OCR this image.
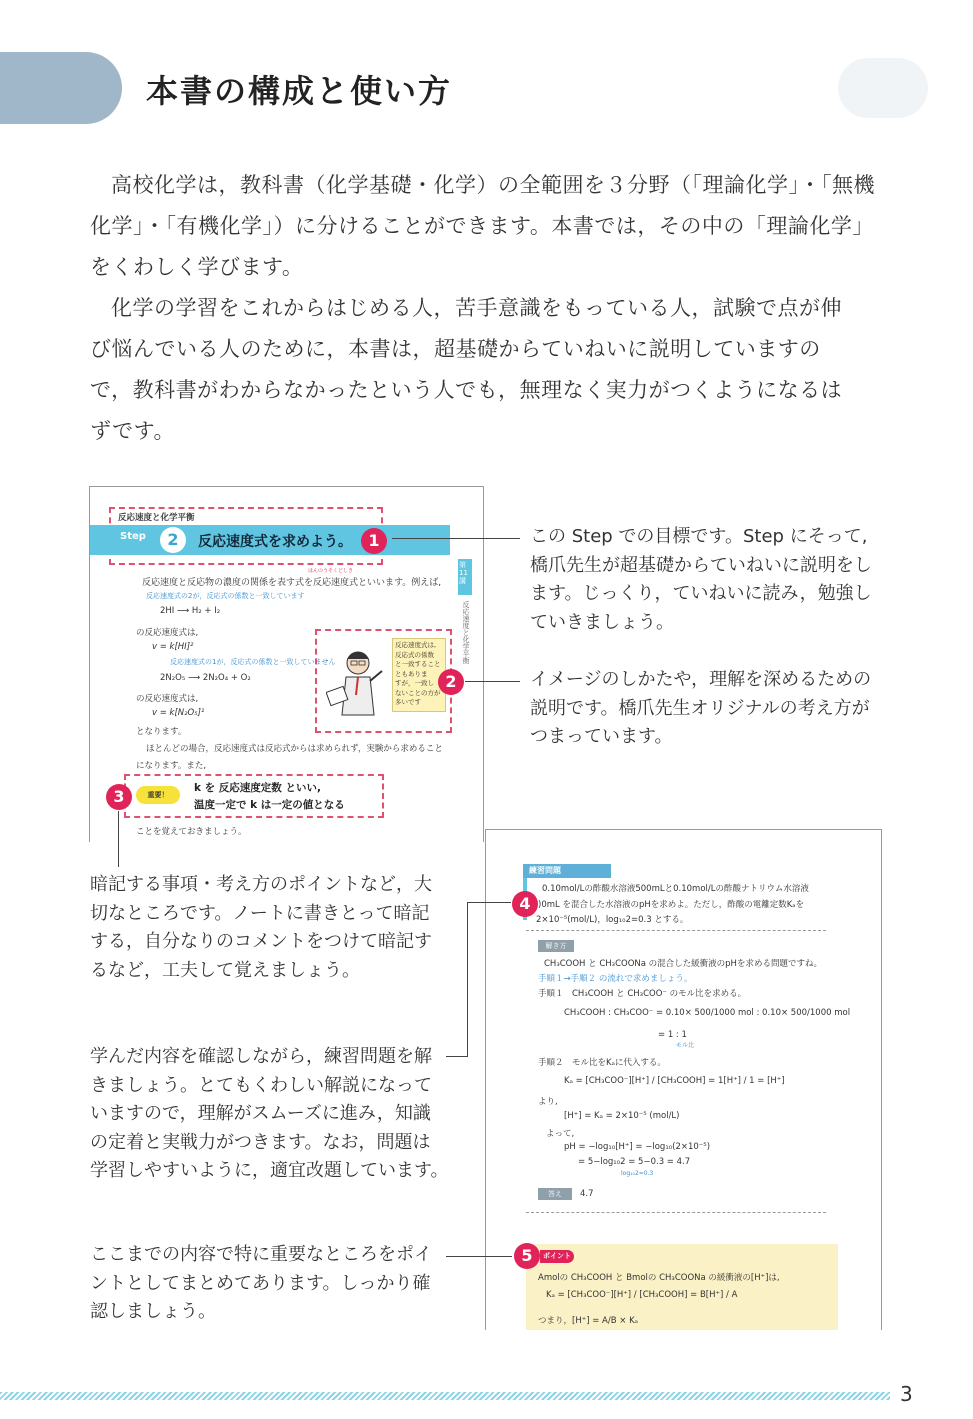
本書の構成と使い方

高校化学は，教科書（化学基礎・化学）の全範囲を３分野（「理論化学」・「無機

化学」・「有機化学」）に分けることができます。本書では，その中の「理論化学」

をくわしく学びます。

化学の学習をこれからはじめる人，苦手意識をもっている人，試験で点が伸

び悩んでいる人のために，本書は，超基礎からていねいに説明していますの

で，教科書がわからなかったという人でも，無理なく実力がつくようになるは

ずです。

反応速度と化学平衡
Step	2	反応速度式を求めよう。	1
第11講
反応速度と化学平衡
反応速度と反応物の濃度の関係を表す式を反応速度式といいます。例えば,
はんのうそくどしき
反応速度式の2が，反応式の係数と一致しています
2HI ⟶ H₂ + I₂
の反応速度式は,
v = k[HI]²
反応速度式の1が，反応式の係数と一致していません
2N₂O₅ ⟶ 2N₂O₄ + O₂
の反応速度式は,
v = k[N₂O₅]¹
となります。
ほとんどの場合，反応速度式は反応式からは求められず，実験から求めること
になります。また,
反応速度式は,
反応式の係数
と一致すること
ともありま
すが，一致し
ないことの方が
多いです
2
重要！
k を 反応速度定数 といい,
温度一定で k は一定の値となる
3
ことを覚えておきましょう。

この Step での目標です。Step にそって,

橋爪先生が超基礎からていねいに説明をし

ます。じっくり，ていねいに読み，勉強し

ていきましょう。

イメージのしかたや，理解を深めるための

説明です。橋爪先生オリジナルの考え方が

つまっています。

暗記する事項・考え方のポイントなど，大

切なところです。ノートに書きとって暗記

する，自分なりのコメントをつけて暗記す

るなど，工夫して覚えましょう。

練習問題
0.10mol/Lの酢酸水溶液500mLと0.10mol/Lの酢酸ナトリウム水溶液
)0mL を混合した水溶液のpHを求めよ。ただし，酢酸の電離定数Kₐを
2×10⁻⁵(mol/L)，log₁₀2=0.3 とする。
4
解き方
CH₃COOH と CH₃COONa の混合した緩衝液のpHを求める問題ですね。
手順１→手順２ の流れで求めましょう。
手順１　CH₃COOH と CH₃COO⁻ のモル比を求める。
CH₃COOH : CH₃COO⁻ = 0.10× 500/1000 mol : 0.10× 500/1000 mol
= 1 : 1
モル比
手順２　モル比をKₐに代入する。
Kₐ = [CH₃COO⁻][H⁺] / [CH₃COOH] = 1[H⁺] / 1 = [H⁺]
より,
[H⁺] = Kₐ = 2×10⁻⁵ (mol/L)
よって,
pH = −log₁₀[H⁺] = −log₁₀(2×10⁻⁵)
= 5−log₁₀2 = 5−0.3 = 4.7
log₁₀2=0.3
答え	4.7
ポイント
5
Amolの CH₃COOH と Bmolの CH₃COONa の緩衝液の[H⁺]は,
Kₐ = [CH₃COO⁻][H⁺] / [CH₃COOH] = B[H⁺] / A
つまり，[H⁺] = A/B × Kₐ

学んだ内容を確認しながら，練習問題を解

きましょう。とてもくわしい解説になって

いますので，理解がスムーズに進み，知識

の定着と実戦力がつきます。なお，問題は

学習しやすいように，適宜改題しています。

ここまでの内容で特に重要なところをポイ

ントとしてまとめてあります。しっかり確

認しましょう。

3
